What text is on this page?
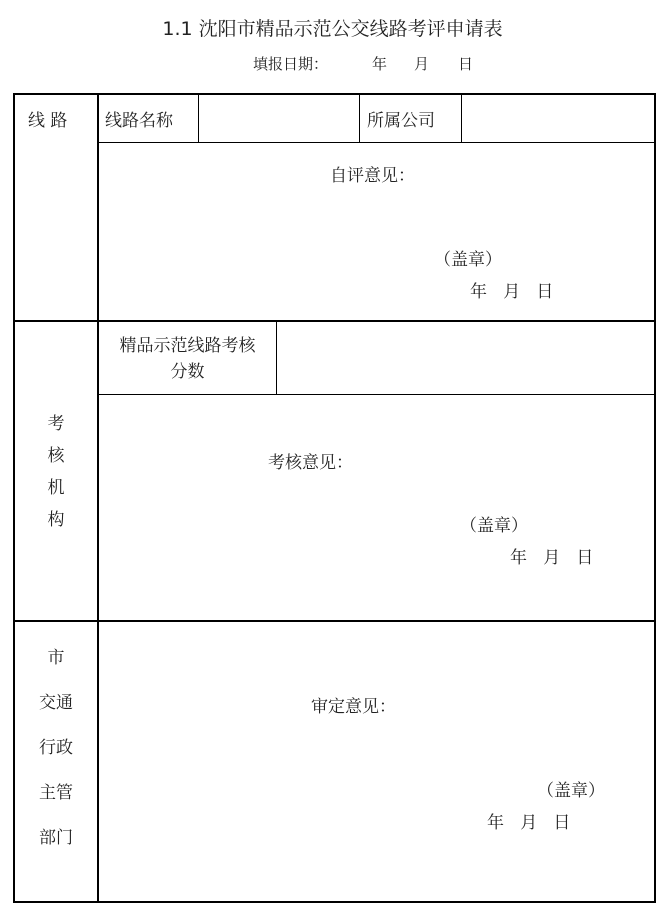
1.1 沈阳市精品示范公交线路考评申请表
填报日期：	年 月 日
线 路 线路名称	所属公司
自评意见：
（盖章）
年   月   日
考
核
机
构
精品示范线路考核
分数
考核意见：
（盖章）
年   月   日
市
交通
行政
主管
部门
审定意见：
（盖章）
年   月   日
